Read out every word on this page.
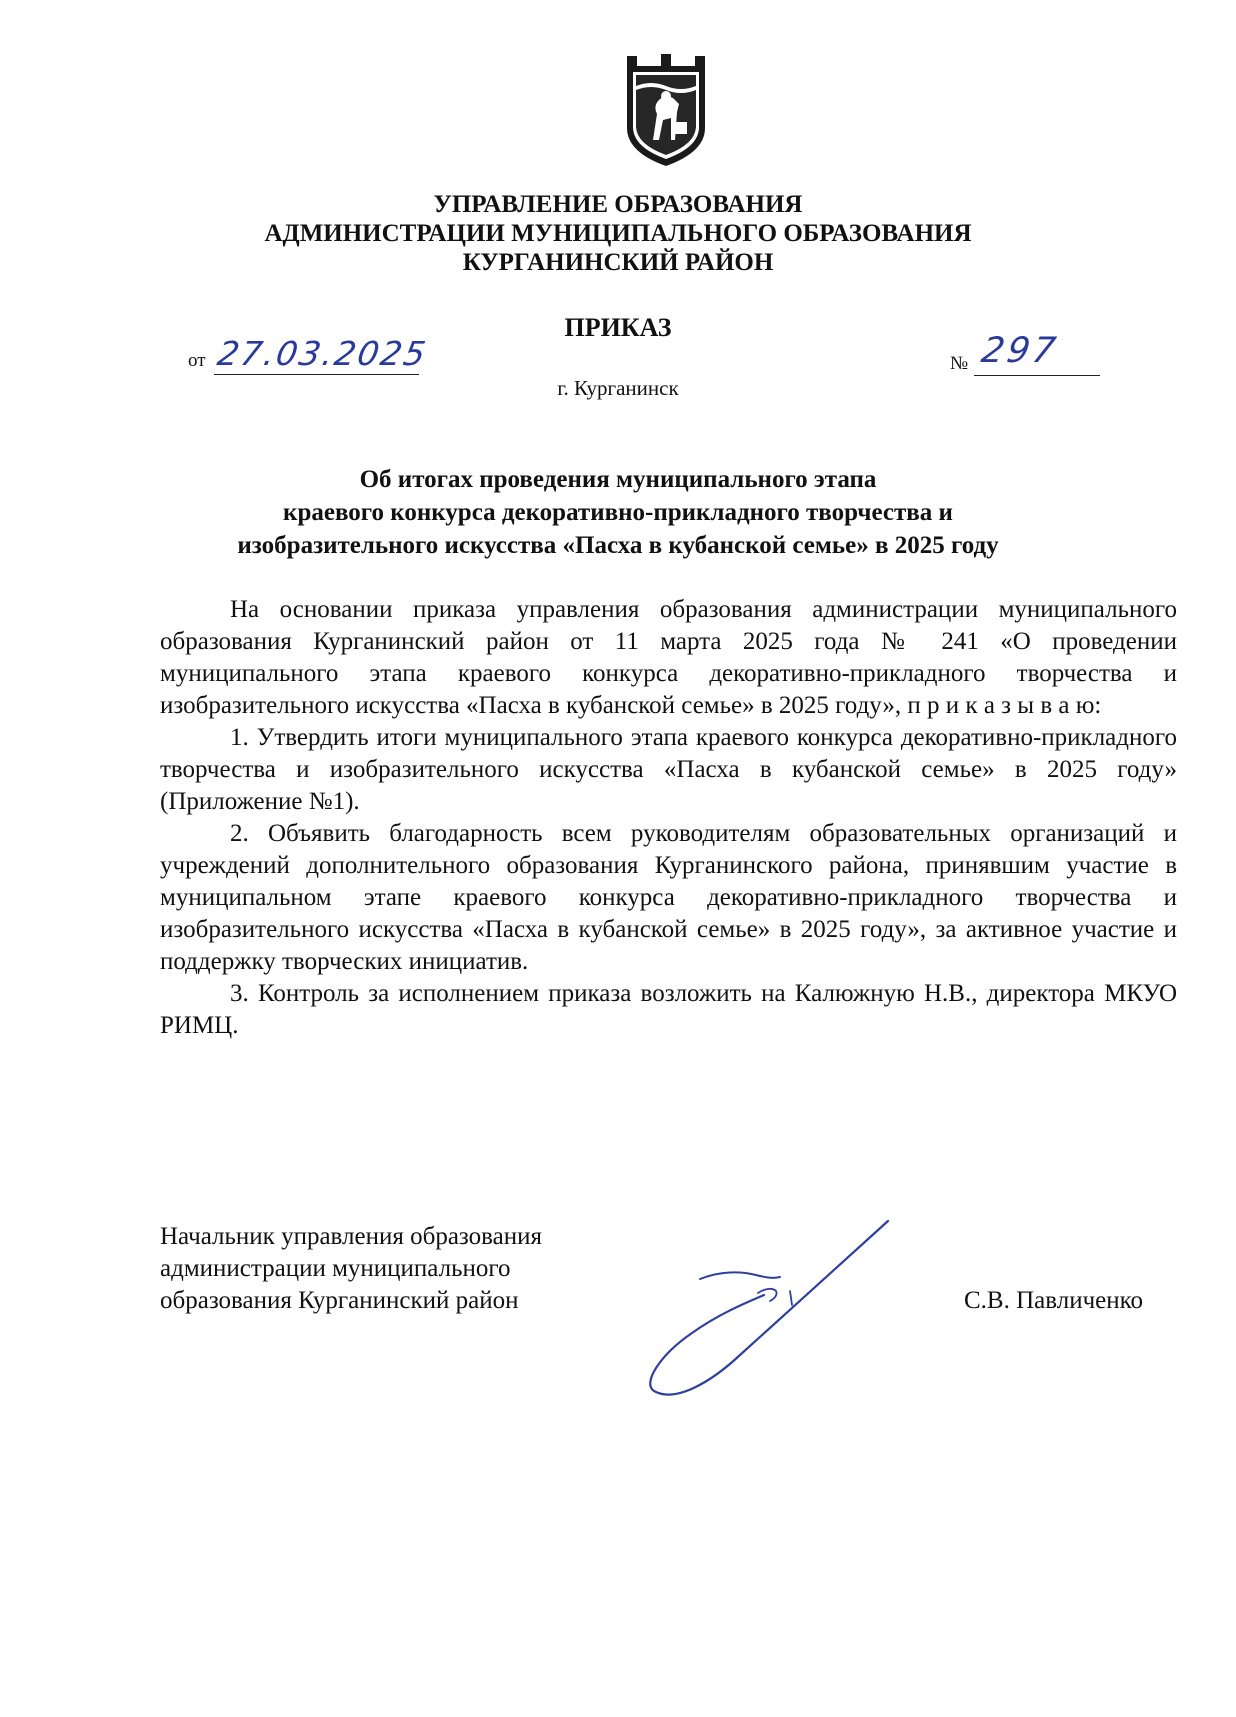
УПРАВЛЕНИЕ ОБРАЗОВАНИЯ
АДМИНИСТРАЦИИ МУНИЦИПАЛЬНОГО ОБРАЗОВАНИЯ
КУРГАНИНСКИЙ РАЙОН
ПРИКАЗ
от 27.03.2025	№ 297
г. Курганинск
Об итогах проведения муниципального этапа
краевого конкурса декоративно-прикладного творчества и
изобразительного искусства «Пасха в кубанской семье» в 2025 году

На основании приказа управления образования администрации муниципального образования Курганинский район от 11 марта 2025 года № 241 «О проведении муниципального этапа краевого конкурса декоративно-прикладного творчества и изобразительного искусства «Пасха в кубанской семье» в 2025 году», п р и к а з ы в а ю:

1. Утвердить итоги муниципального этапа краевого конкурса декоративно-прикладного творчества и изобразительного искусства «Пасха в кубанской семье» в 2025 году» (Приложение №1).

2. Объявить благодарность всем руководителям образовательных организаций и учреждений дополнительного образования Курганинского района, принявшим участие в муниципальном этапе краевого конкурса декоративно-прикладного творчества и изобразительного искусства «Пасха в кубанской семье» в 2025 году», за активное участие и поддержку творческих инициатив.

3. Контроль за исполнением приказа возложить на Калюжную Н.В., директора МКУО РИМЦ.

Начальник управления образования
администрации муниципального
образования Курганинский район	С.В. Павличенко
